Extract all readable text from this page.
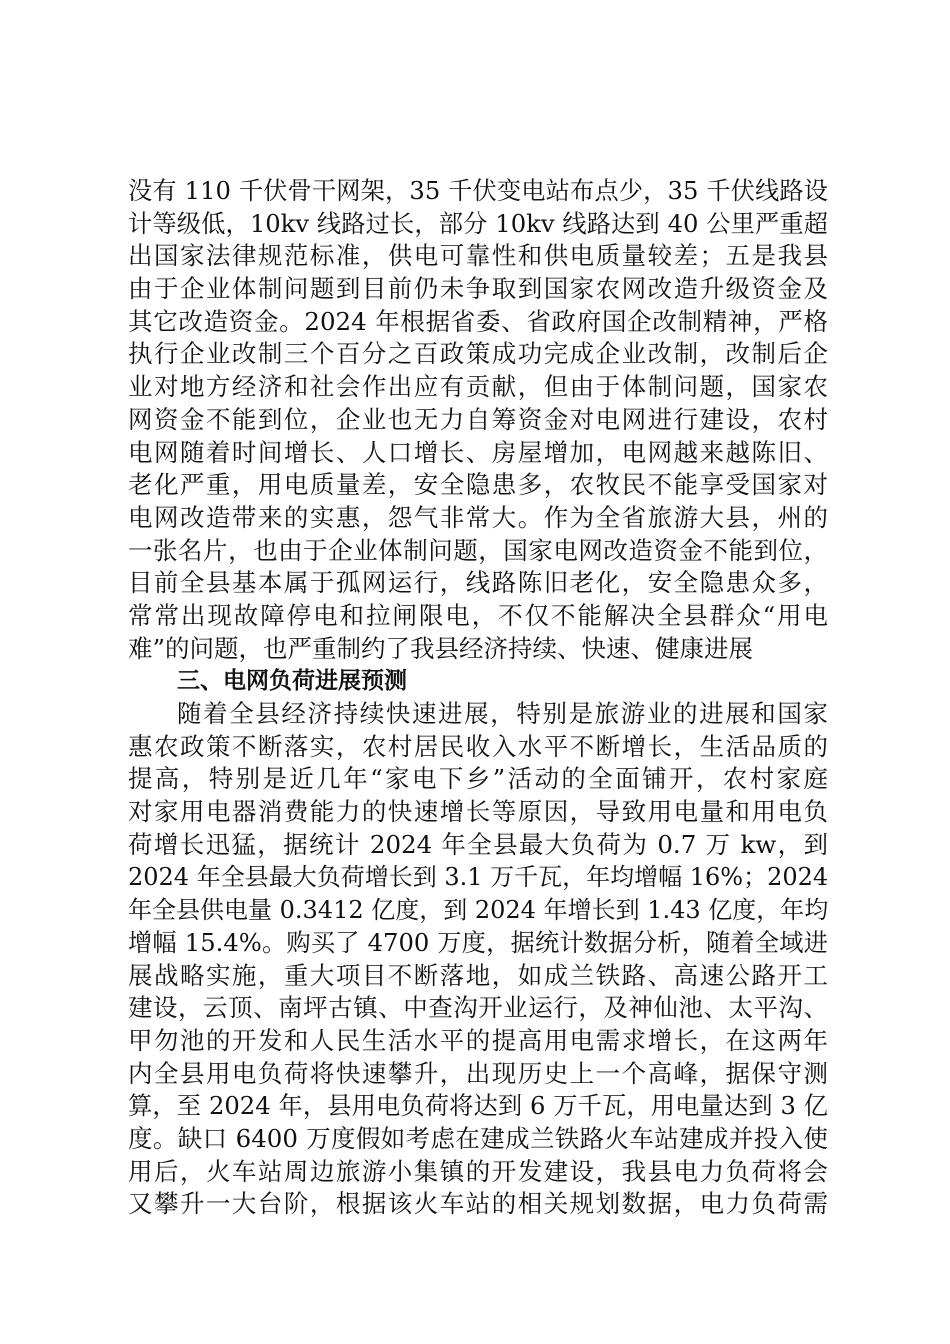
没有 110 千伏骨干网架，35 千伏变电站布点少，35 千伏线路设
计等级低，10kv 线路过长，部分 10kv 线路达到 40 公里严重超
出国家法律规范标准，供电可靠性和供电质量较差；五是我县
由于企业体制问题到目前仍未争取到国家农网改造升级资金及
其它改造资金。2024 年根据省委、省政府国企改制精神，严格
执行企业改制三个百分之百政策成功完成企业改制，改制后企
业对地方经济和社会作出应有贡献，但由于体制问题，国家农
网资金不能到位，企业也无力自筹资金对电网进行建设，农村
电网随着时间增长、人口增长、房屋增加，电网越来越陈旧、
老化严重，用电质量差，安全隐患多，农牧民不能享受国家对
电网改造带来的实惠，怨气非常大。作为全省旅游大县，州的
一张名片，也由于企业体制问题，国家电网改造资金不能到位，
目前全县基本属于孤网运行，线路陈旧老化，安全隐患众多，
常常出现故障停电和拉闸限电，不仅不能解决全县群众“用电
难”的问题，也严重制约了我县经济持续、快速、健康进展
三、电网负荷进展预测
随着全县经济持续快速进展，特别是旅游业的进展和国家
惠农政策不断落实，农村居民收入水平不断增长，生活品质的
提高，特别是近几年“家电下乡”活动的全面铺开，农村家庭
对家用电器消费能力的快速增长等原因，导致用电量和用电负
荷增长迅猛，据统计 2024 年全县最大负荷为 0.7 万 kw，到
2024 年全县最大负荷增长到 3.1 万千瓦，年均增幅 16%；2024
年全县供电量 0.3412 亿度，到 2024 年增长到 1.43 亿度，年均
增幅 15.4%。购买了 4700 万度，据统计数据分析，随着全域进
展战略实施，重大项目不断落地，如成兰铁路、高速公路开工
建设，云顶、南坪古镇、中查沟开业运行，及神仙池、太平沟、
甲勿池的开发和人民生活水平的提高用电需求增长，在这两年
内全县用电负荷将快速攀升，出现历史上一个高峰，据保守测
算，至 2024 年，县用电负荷将达到 6 万千瓦，用电量达到 3 亿
度。缺口 6400 万度假如考虑在建成兰铁路火车站建成并投入使
用后，火车站周边旅游小集镇的开发建设，我县电力负荷将会
又攀升一大台阶，根据该火车站的相关规划数据，电力负荷需
